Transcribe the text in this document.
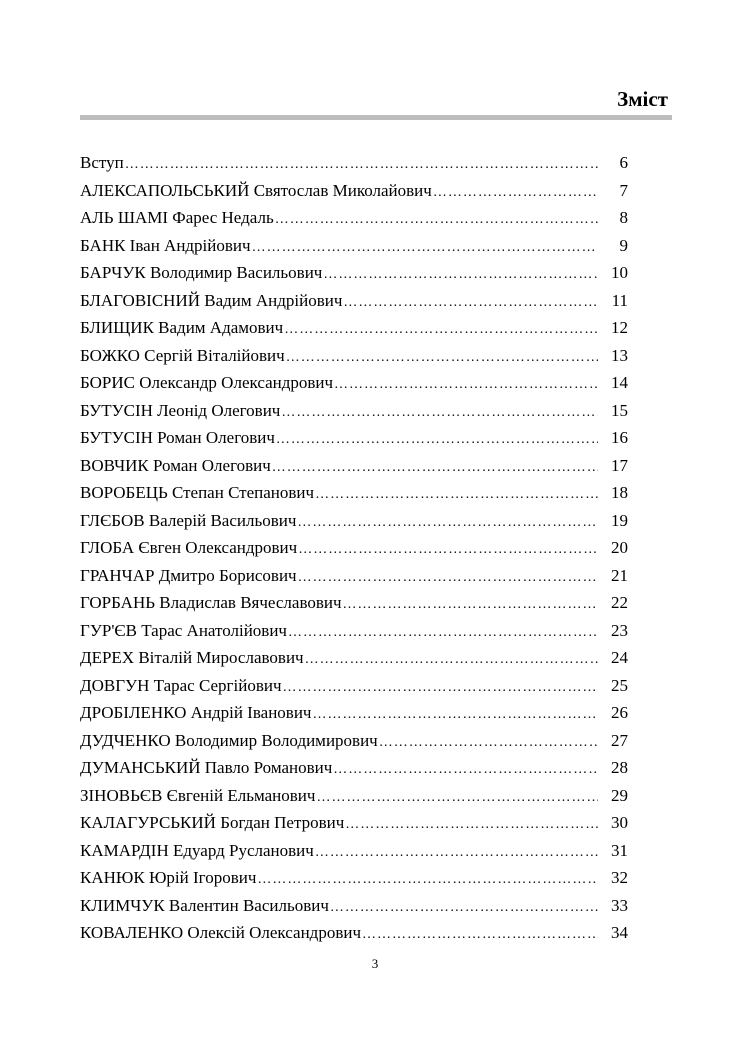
Зміст
Вступ ………………………………………………………………………………………………………………………………………………	6
АЛЕКСАПОЛЬСЬКИЙ Святослав Миколайович ………………………………………………………………………………………………………………………………………………	7
АЛЬ ШАМІ Фарес Недаль ………………………………………………………………………………………………………………………………………………	8
БАНК Іван Андрійович ………………………………………………………………………………………………………………………………………………	9
БАРЧУК Володимир Васильович ………………………………………………………………………………………………………………………………………………	10
БЛАГОВІСНИЙ Вадим Андрійович ………………………………………………………………………………………………………………………………………………	11
БЛИЩИК Вадим Адамович ………………………………………………………………………………………………………………………………………………	12
БОЖКО Сергій Віталійович ………………………………………………………………………………………………………………………………………………	13
БОРИС Олександр Олександрович ………………………………………………………………………………………………………………………………………………	14
БУТУСІН Леонід Олегович ………………………………………………………………………………………………………………………………………………	15
БУТУСІН Роман Олегович ………………………………………………………………………………………………………………………………………………	16
ВОВЧИК Роман Олегович ………………………………………………………………………………………………………………………………………………	17
ВОРОБЕЦЬ Степан Степанович ………………………………………………………………………………………………………………………………………………	18
ГЛЄБОВ Валерій Васильович ………………………………………………………………………………………………………………………………………………	19
ГЛОБА Євген Олександрович ………………………………………………………………………………………………………………………………………………	20
ГРАНЧАР Дмитро Борисович ………………………………………………………………………………………………………………………………………………	21
ГОРБАНЬ Владислав Вячеславович ………………………………………………………………………………………………………………………………………………	22
ГУР'ЄВ Тарас Анатолійович ………………………………………………………………………………………………………………………………………………	23
ДЕРЕХ Віталій Мирославович ………………………………………………………………………………………………………………………………………………	24
ДОВГУН Тарас Сергійович ………………………………………………………………………………………………………………………………………………	25
ДРОБІЛЕНКО Андрій Іванович ………………………………………………………………………………………………………………………………………………	26
ДУДЧЕНКО Володимир Володимирович ………………………………………………………………………………………………………………………………………………	27
ДУМАНСЬКИЙ Павло Романович ………………………………………………………………………………………………………………………………………………	28
ЗІНОВЬЄВ Євгеній Ельманович ………………………………………………………………………………………………………………………………………………	29
КАЛАГУРСЬКИЙ Богдан Петрович ………………………………………………………………………………………………………………………………………………	30
КАМАРДІН Едуард Русланович ………………………………………………………………………………………………………………………………………………	31
КАНЮК Юрій Ігорович ………………………………………………………………………………………………………………………………………………	32
КЛИМЧУК Валентин Васильович ………………………………………………………………………………………………………………………………………………	33
КОВАЛЕНКО Олексій Олександрович ………………………………………………………………………………………………………………………………………………	34
3
